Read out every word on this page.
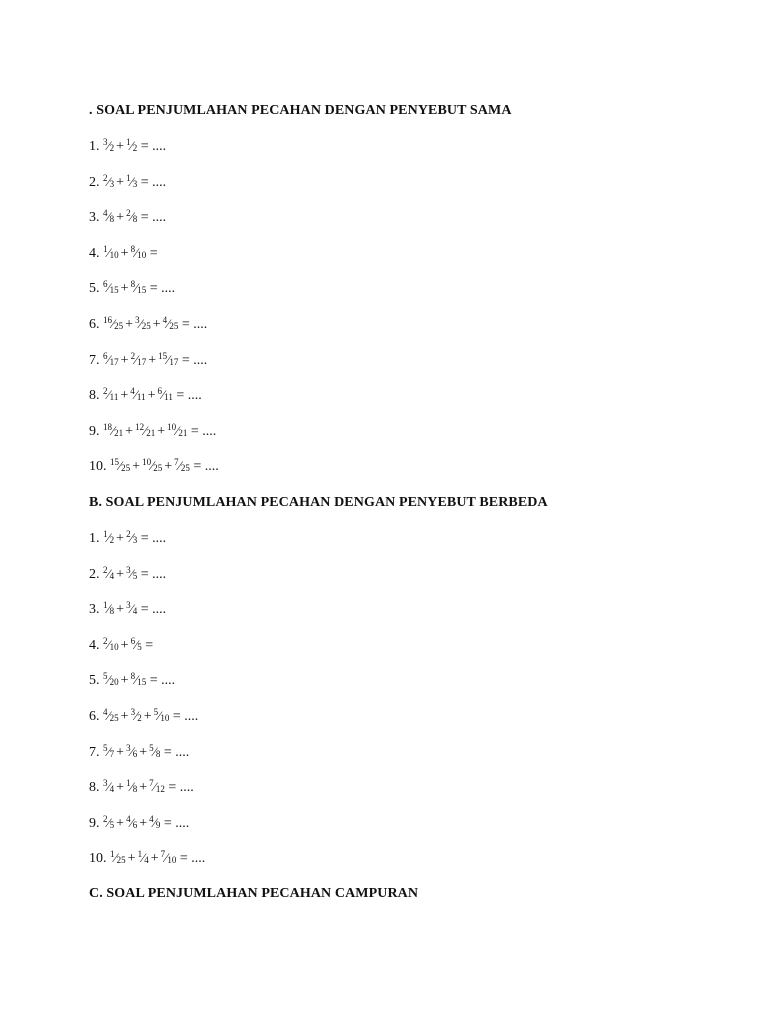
. SOAL PENJUMLAHAN PECAHAN DENGAN PENYEBUT SAMA
1. $^3⁄_2$ + $^1⁄_2$ = ....
2. $^2⁄_3$ + $^1⁄_3$ = ....
3. $^4⁄_8$ + $^2⁄_8$ = ....
4. $^1⁄_{10}$ + $^8⁄_{10}$ =
5. $^6⁄_{15}$ + $^8⁄_{15}$ = ....
6. $^{16}⁄_{25}$ + $^3⁄_{25}$ + $^4⁄_{25}$ = ....
7. $^6⁄_{17}$ + $^2⁄_{17}$ + $^{15}⁄_{17}$ = ....
8. $^2⁄_{11}$ + $^4⁄_{11}$ + $^6⁄_{11}$ = ....
9. $^{18}⁄_{21}$ + $^{12}⁄_{21}$ + $^{10}⁄_{21}$ = ....
10. $^{15}⁄_{25}$ + $^{10}⁄_{25}$ + $^7⁄_{25}$ = ....
B. SOAL PENJUMLAHAN PECAHAN DENGAN PENYEBUT BERBEDA
1. $^1⁄_2$ + $^2⁄_3$ = ....
2. $^2⁄_4$ + $^3⁄_5$ = ....
3. $^1⁄_8$ + $^3⁄_4$ = ....
4. $^2⁄_{10}$ + $^6⁄_5$ =
5. $^5⁄_{20}$ + $^8⁄_{15}$ = ....
6. $^4⁄_{25}$ + $^3⁄_2$ + $^5⁄_{10}$ = ....
7. $^5⁄_7$ + $^3⁄_6$ + $^5⁄_8$ = ....
8. $^3⁄_4$ + $^1⁄_8$ + $^7⁄_{12}$ = ....
9. $^2⁄_5$ + $^4⁄_6$ + $^4⁄_9$ = ....
10. $^1⁄_{25}$ + $^1⁄_4$ + $^7⁄_{10}$ = ....
C. SOAL PENJUMLAHAN PECAHAN CAMPURAN
